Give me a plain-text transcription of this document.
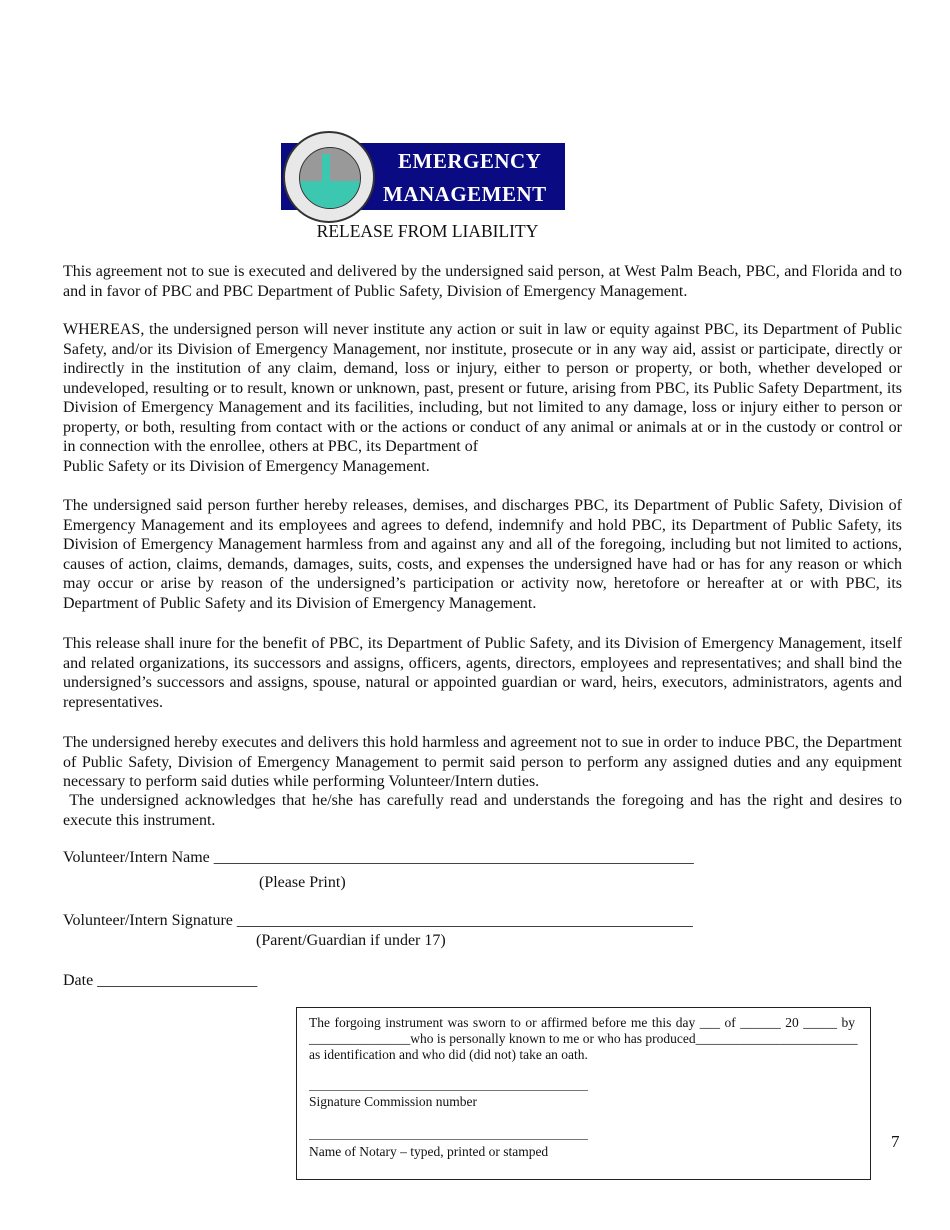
EMERGENCY
MANAGEMENT
RELEASE FROM LIABILITY
This agreement not to sue is executed and delivered by the undersigned said person, at West Palm Beach, PBC, and Florida and to and in favor of PBC and PBC Department of Public Safety, Division of Emergency Management.
WHEREAS, the undersigned person will never institute any action or suit in law or equity against PBC, its Department of Public Safety, and/or its Division of Emergency Management, nor institute, prosecute or in any way aid, assist or participate, directly or indirectly in the institution of any claim, demand, loss or injury, either to person or property, or both, whether developed or undeveloped, resulting or to result, known or unknown, past, present or future, arising from PBC, its Public Safety Department, its Division of Emergency Management and its facilities, including, but not limited to any damage, loss or injury either to person or property, or both, resulting from contact with or the actions or conduct of any animal or animals at or in the custody or control or in connection with the enrollee, others at PBC, its Department of
Public Safety or its Division of Emergency Management.
The undersigned said person further hereby releases, demises, and discharges PBC, its Department of Public Safety, Division of Emergency Management and its employees and agrees to defend, indemnify and hold PBC, its Department of Public Safety, its Division of Emergency Management harmless from and against any and all of the foregoing, including but not limited to actions, causes of action, claims, demands, damages, suits, costs, and expenses the undersigned have had or has for any reason or which may occur or arise by reason of the undersigned’s participation or activity now, heretofore or hereafter at or with PBC, its Department of Public Safety and its Division of Emergency Management.
This release shall inure for the benefit of PBC, its Department of Public Safety, and its Division of Emergency Management, itself and related organizations, its successors and assigns, officers, agents, directors, employees and representatives; and shall bind the undersigned’s successors and assigns, spouse, natural or appointed guardian or ward, heirs, executors, administrators, agents and representatives.
The undersigned hereby executes and delivers this hold harmless and agreement not to sue in order to induce PBC, the Department of Public Safety, Division of Emergency Management to permit said person to perform any assigned duties and any equipment necessary to perform said duties while performing Volunteer/Intern duties.
The undersigned acknowledges that he/she has carefully read and understands the foregoing and has the right and desires to execute this instrument.
Volunteer/Intern Name ____________________________________________________________
(Please Print)
Volunteer/Intern Signature _________________________________________________________
(Parent/Guardian if under 17)
Date ____________________
The forgoing instrument was sworn to or affirmed before me this day ___ of ______ 20 _____ by
_______________who is personally known to me or who has produced________________________
as identification and who did (did not) take an oath.
Signature Commission number
Name of Notary – typed, printed or stamped
7
